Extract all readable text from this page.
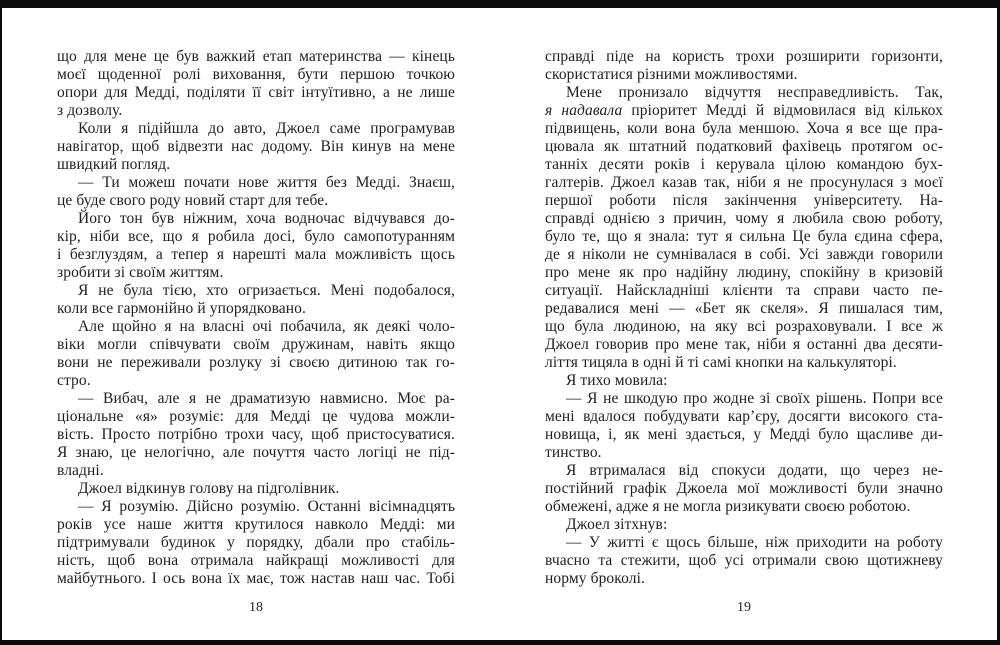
що для мене це був важкий етап материнства — кінець
моєї щоденної ролі виховання, бути першою точкою
опори для Медді, поділяти її світ інтуїтивно, а не лише
з дозволу.
Коли я підійшла до авто, Джоел саме програмував
навігатор, щоб відвезти нас додому. Він кинув на мене
швидкий погляд.
— Ти можеш почати нове життя без Медді. Знаєш,
це буде свого роду новий старт для тебе.
Його тон був ніжним, хоча водночас відчувався до-
кір, ніби все, що я робила досі, було самопотуранням
і безглуздям, а тепер я нарешті мала можливість щось
зробити зі своїм життям.
Я не була тією, хто огризається. Мені подобалося,
коли все гармонійно й упорядковано.
Але щойно я на власні очі побачила, як деякі чоло-
віки могли співчувати своїм дружинам, навіть якщо
вони не переживали розлуку зі своєю дитиною так го-
стро.
— Вибач, але я не драматизую навмисно. Моє ра-
ціональне «я» розуміє: для Медді це чудова можли-
вість. Просто потрібно трохи часу, щоб пристосуватися.
Я знаю, це нелогічно, але почуття часто логіці не під-
владні.
Джоел відкинув голову на підголівник.
— Я розумію. Дійсно розумію. Останні вісімнадцять
років усе наше життя крутилося навколо Медді: ми
підтримували будинок у порядку, дбали про стабіль-
ність, щоб вона отримала найкращі можливості для
майбутнього. І ось вона їх має, тож настав наш час. Тобі
18
справді піде на користь трохи розширити горизонти,
скористатися різними можливостями.
Мене пронизало відчуття несправедливість. Так,
я надавала пріоритет Медді й відмовилася від кількох
підвищень, коли вона була меншою. Хоча я все ще пра-
цювала як штатний податковий фахівець протягом ос-
танніх десяти років і керувала цілою командою бух-
галтерів. Джоел казав так, ніби я не просунулася з моєї
першої роботи після закінчення університету. На-
справді однією з причин, чому я любила свою роботу,
було те, що я знала: тут я сильна Це була єдина сфера,
де я ніколи не сумнівалася в собі. Усі завжди говорили
про мене як про надійну людину, спокійну в кризовій
ситуації. Найскладніші клієнти та справи часто пе-
редавалися мені — «Бет як скеля». Я пишалася тим,
що була людиною, на яку всі розраховували. І все ж
Джоел говорив про мене так, ніби я останні два десяти-
ліття тицяла в одні й ті самі кнопки на калькуляторі.
Я тихо мовила:
— Я не шкодую про жодне зі своїх рішень. Попри все
мені вдалося побудувати кар’єру, досягти високого ста-
новища, і, як мені здається, у Медді було щасливе ди-
тинство.
Я втрималася від спокуси додати, що через не-
постійний графік Джоела мої можливості були значно
обмежені, адже я не могла ризикувати своєю роботою.
Джоел зітхнув:
— У житті є щось більше, ніж приходити на роботу
вчасно та стежити, щоб усі отримали свою щотижневу
норму броколі.
19
